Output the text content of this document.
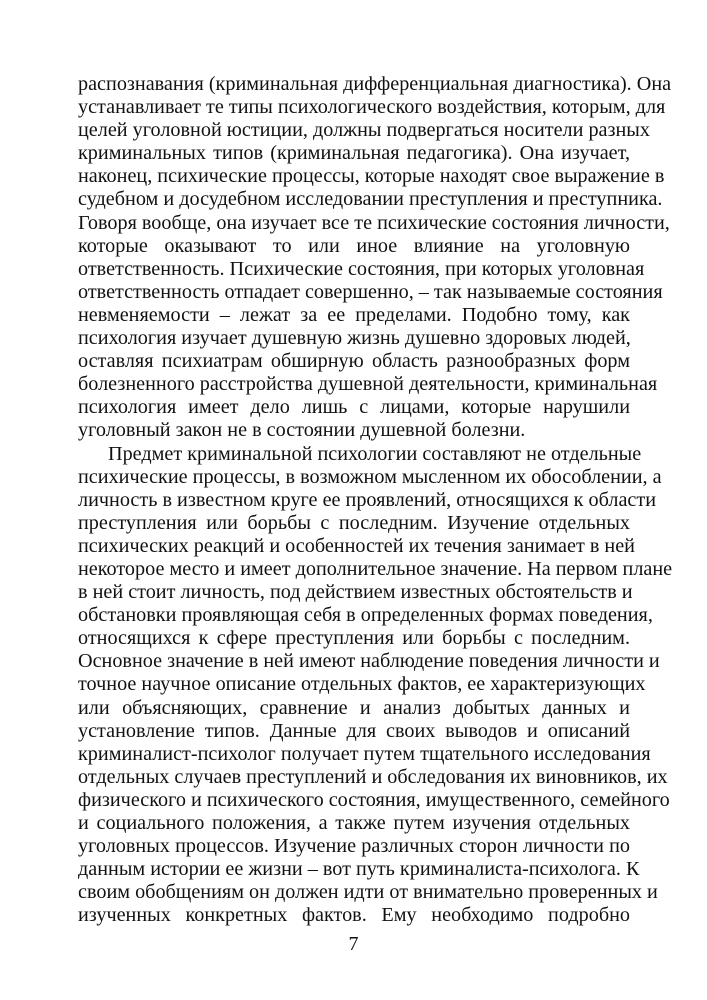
распознавания (криминальная дифференциальная диагностика). Она
устанавливает те типы психологического воздействия, которым, для
целей уголовной юстиции, должны подвергаться носители разных
криминальных типов (криминальная педагогика). Она изучает,
наконец, психические процессы, которые находят свое выражение в
судебном и досудебном исследовании преступления и преступника.
Говоря вообще, она изучает все те психические состояния личности,
которые оказывают то или иное влияние на уголовную
ответственность. Психические состояния, при которых уголовная
ответственность отпадает совершенно, – так называемые состояния
невменяемости – лежат за ее пределами. Подобно тому, как
психология изучает душевную жизнь душевно здоровых людей,
оставляя психиатрам обширную область разнообразных форм
болезненного расстройства душевной деятельности, криминальная
психология имеет дело лишь с лицами, которые нарушили
уголовный закон не в состоянии душевной болезни.
Предмет криминальной психологии составляют не отдельные
психические процессы, в возможном мысленном их обособлении, а
личность в известном круге ее проявлений, относящихся к области
преступления или борьбы с последним. Изучение отдельных
психических реакций и особенностей их течения занимает в ней
некоторое место и имеет дополнительное значение. На первом плане
в ней стоит личность, под действием известных обстоятельств и
обстановки проявляющая себя в определенных формах поведения,
относящихся к сфере преступления или борьбы с последним.
Основное значение в ней имеют наблюдение поведения личности и
точное научное описание отдельных фактов, ее характеризующих
или объясняющих, сравнение и анализ добытых данных и
установление типов. Данные для своих выводов и описаний
криминалист-психолог получает путем тщательного исследования
отдельных случаев преступлений и обследования их виновников, их
физического и психического состояния, имущественного, семейного
и социального положения, а также путем изучения отдельных
уголовных процессов. Изучение различных сторон личности по
данным истории ее жизни – вот путь криминалиста-психолога. К
своим обобщениям он должен идти от внимательно проверенных и
изученных конкретных фактов. Ему необходимо подробно
7
